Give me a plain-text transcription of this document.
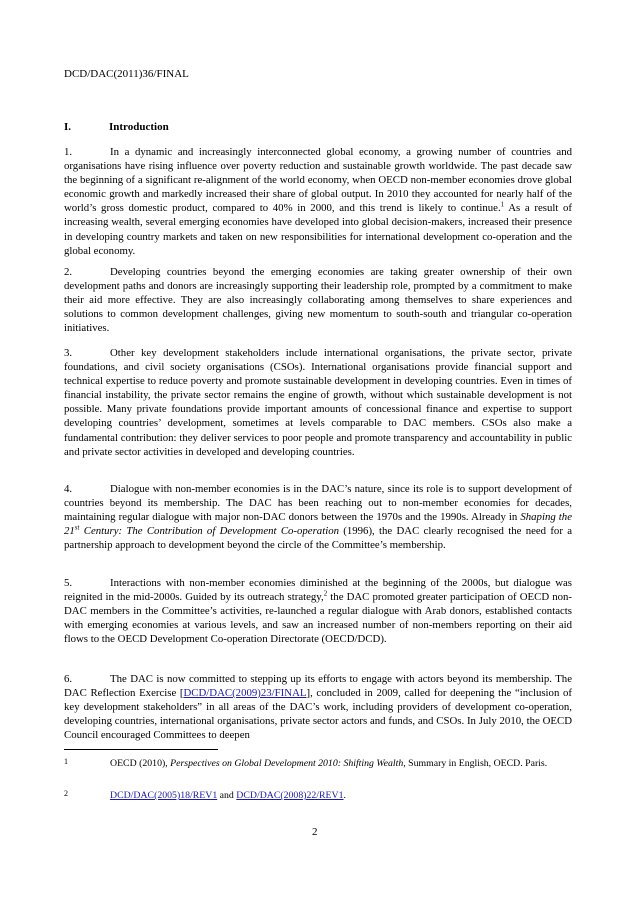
DCD/DAC(2011)36/FINAL
I.	Introduction

1.	In a dynamic and increasingly interconnected global economy, a growing number of countries and organisations have rising influence over poverty reduction and sustainable growth worldwide. The past decade saw the beginning of a significant re-alignment of the world economy, when OECD non-member economies drove global economic growth and markedly increased their share of global output. In 2010 they accounted for nearly half of the world’s gross domestic product, compared to 40% in 2000, and this trend is likely to continue.$^1$ As a result of increasing wealth, several emerging economies have developed into global decision-makers, increased their presence in developing country markets and taken on new responsibilities for international development co-operation and the global economy.

2.	Developing countries beyond the emerging economies are taking greater ownership of their own development paths and donors are increasingly supporting their leadership role, prompted by a commitment to make their aid more effective. They are also increasingly collaborating among themselves to share experiences and solutions to common development challenges, giving new momentum to south-south and triangular co-operation initiatives.

3.	Other key development stakeholders include international organisations, the private sector, private foundations, and civil society organisations (CSOs). International organisations provide financial support and technical expertise to reduce poverty and promote sustainable development in developing countries. Even in times of financial instability, the private sector remains the engine of growth, without which sustainable development is not possible. Many private foundations provide important amounts of concessional finance and expertise to support developing countries’ development, sometimes at levels comparable to DAC members. CSOs also make a fundamental contribution: they deliver services to poor people and promote transparency and accountability in public and private sector activities in developed and developing countries.

4.	Dialogue with non-member economies is in the DAC’s nature, since its role is to support development of countries beyond its membership. The DAC has been reaching out to non-member economies for decades, maintaining regular dialogue with major non-DAC donors between the 1970s and the 1990s. Already in Shaping the 21st Century: The Contribution of Development Co-operation (1996), the DAC clearly recognised the need for a partnership approach to development beyond the circle of the Committee’s membership.

5.	Interactions with non-member economies diminished at the beginning of the 2000s, but dialogue was reignited in the mid-2000s. Guided by its outreach strategy,$^2$ the DAC promoted greater participation of OECD non-DAC members in the Committee’s activities, re-launched a regular dialogue with Arab donors, established contacts with emerging economies at various levels, and saw an increased number of non-members reporting on their aid flows to the OECD Development Co-operation Directorate (OECD/DCD).

6.	The DAC is now committed to stepping up its efforts to engage with actors beyond its membership. The DAC Reflection Exercise [DCD/DAC(2009)23/FINAL], concluded in 2009, called for deepening the “inclusion of key development stakeholders” in all areas of the DAC’s work, including providers of development co-operation, developing countries, international organisations, private sector actors and funds, and CSOs. In July 2010, the OECD Council encouraged Committees to deepen

1	OECD (2010), Perspectives on Global Development 2010: Shifting Wealth, Summary in English, OECD. Paris.
2	DCD/DAC(2005)18/REV1 and DCD/DAC(2008)22/REV1.
2
